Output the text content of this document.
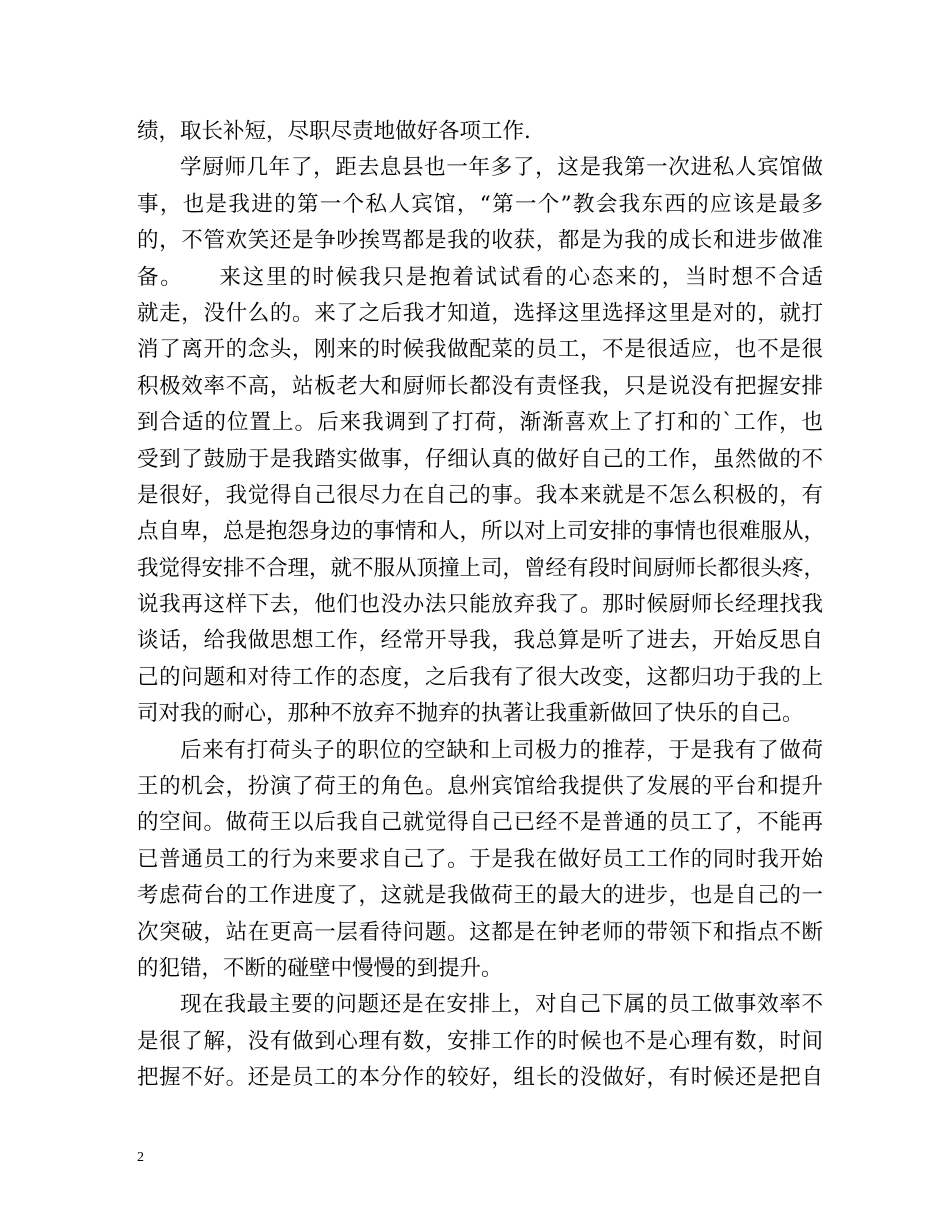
绩，取长补短，尽职尽责地做好各项工作.
学厨师几年了，距去息县也一年多了，这是我第一次进私人宾馆做
事，也是我进的第一个私人宾馆，“第一个”教会我东西的应该是最多
的，不管欢笑还是争吵挨骂都是我的收获，都是为我的成长和进步做准
备。　　来这里的时候我只是抱着试试看的心态来的，当时想不合适
就走，没什么的。来了之后我才知道，选择这里选择这里是对的，就打
消了离开的念头，刚来的时候我做配菜的员工，不是很适应，也不是很
积极效率不高，站板老大和厨师长都没有责怪我，只是说没有把握安排
到合适的位置上。后来我调到了打荷，渐渐喜欢上了打和的`工作，也
受到了鼓励于是我踏实做事，仔细认真的做好自己的工作，虽然做的不
是很好，我觉得自己很尽力在自己的事。我本来就是不怎么积极的，有
点自卑，总是抱怨身边的事情和人，所以对上司安排的事情也很难服从，
我觉得安排不合理，就不服从顶撞上司，曾经有段时间厨师长都很头疼，
说我再这样下去，他们也没办法只能放弃我了。那时候厨师长经理找我
谈话，给我做思想工作，经常开导我，我总算是听了进去，开始反思自
己的问题和对待工作的态度，之后我有了很大改变，这都归功于我的上
司对我的耐心，那种不放弃不抛弃的执著让我重新做回了快乐的自己。
后来有打荷头子的职位的空缺和上司极力的推荐，于是我有了做荷
王的机会，扮演了荷王的角色。息州宾馆给我提供了发展的平台和提升
的空间。做荷王以后我自己就觉得自己已经不是普通的员工了，不能再
已普通员工的行为来要求自己了。于是我在做好员工工作的同时我开始
考虑荷台的工作进度了，这就是我做荷王的最大的进步，也是自己的一
次突破，站在更高一层看待问题。这都是在钟老师的带领下和指点不断
的犯错，不断的碰壁中慢慢的到提升。
现在我最主要的问题还是在安排上，对自己下属的员工做事效率不
是很了解，没有做到心理有数，安排工作的时候也不是心理有数，时间
把握不好。还是员工的本分作的较好，组长的没做好，有时候还是把自
2
